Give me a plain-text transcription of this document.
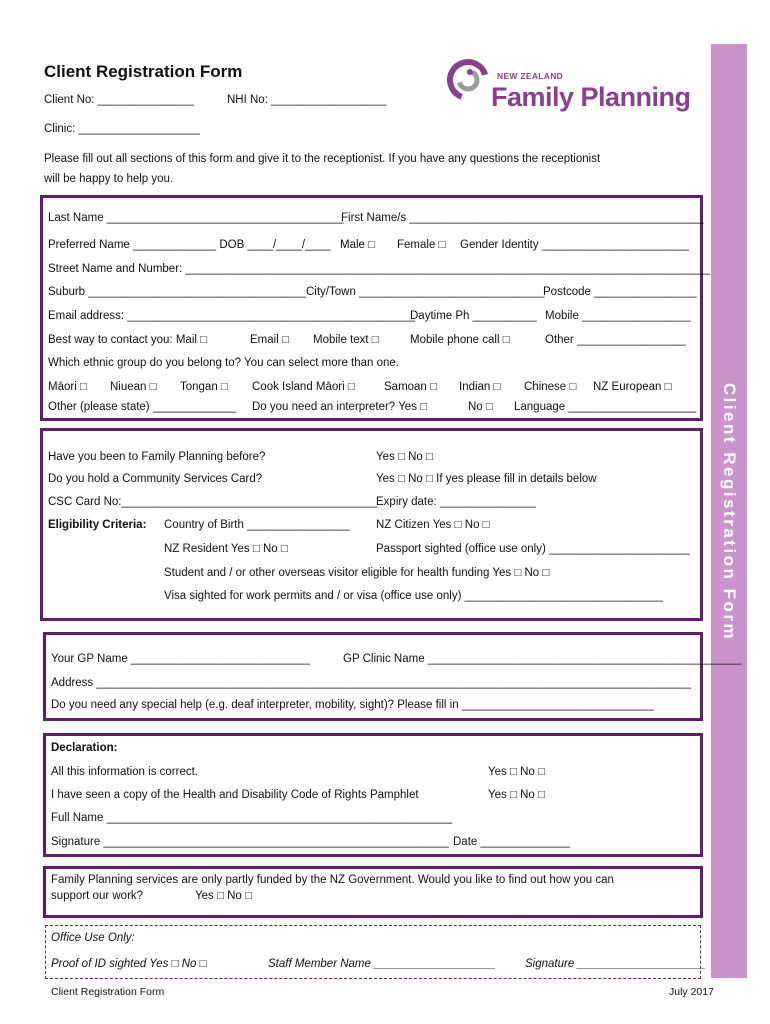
Client Registration Form
Client Registration Form
Client No: _______________	NHI No: __________________
Clinic: ___________________
Please fill out all sections of this form and give it to the receptionist. If you have any questions the receptionist
will be happy to help you.
NEW ZEALAND
Family Planning
Last Name _____________________________________
First Name/s ______________________________________________
Preferred Name _____________ DOB ____/____/____ Male □ Female □ Gender Identity _______________________
Street Name and Number: __________________________________________________________________________________
Suburb __________________________________ City/Town _____________________________
Postcode ________________
Email address: _____________________________________________
Daytime Ph __________ Mobile _________________
Best way to contact you: Mail □	Email □ Mobile text □	Mobile phone call □	Other _________________
Which ethnic group do you belong to? You can select more than one.
Māori □ Niuean □ Tongan □ Cook Island Māori □	Samoan □ Indian □ Chinese □ NZ European □
Other (please state) _____________ Do you need an interpreter? Yes □	No □ Language ____________________
Have you been to Family Planning before?	Yes □ No □
Do you hold a Community Services Card?	Yes □ No □ If yes please fill in details below
CSC Card No:________________________________________
Expiry date: _______________
Eligibility Criteria: Country of Birth ________________ NZ Citizen Yes □ No □
NZ Resident Yes □ No □	Passport sighted (office use only) ______________________
Student and / or other overseas visitor eligible for health funding Yes □ No □
Visa sighted for work permits and / or visa (office use only) _______________________________
Your GP Name ____________________________	GP Clinic Name _________________________________________________
Address _____________________________________________________________________________________________
Do you need any special help (e.g. deaf interpreter, mobility, sight)? Please fill in ______________________________
Declaration:
All this information is correct.	Yes □ No □
I have seen a copy of the Health and Disability Code of Rights Pamphlet	Yes □ No □
Full Name ______________________________________________________
Signature ______________________________________________________ Date ______________
Family Planning services are only partly funded by the NZ Government. Would you like to find out how you can
support our work?	Yes □ No □
Office Use Only:
Proof of ID sighted Yes □ No □	Staff Member Name ___________________	Signature ____________________
Client Registration Form	July 2017
